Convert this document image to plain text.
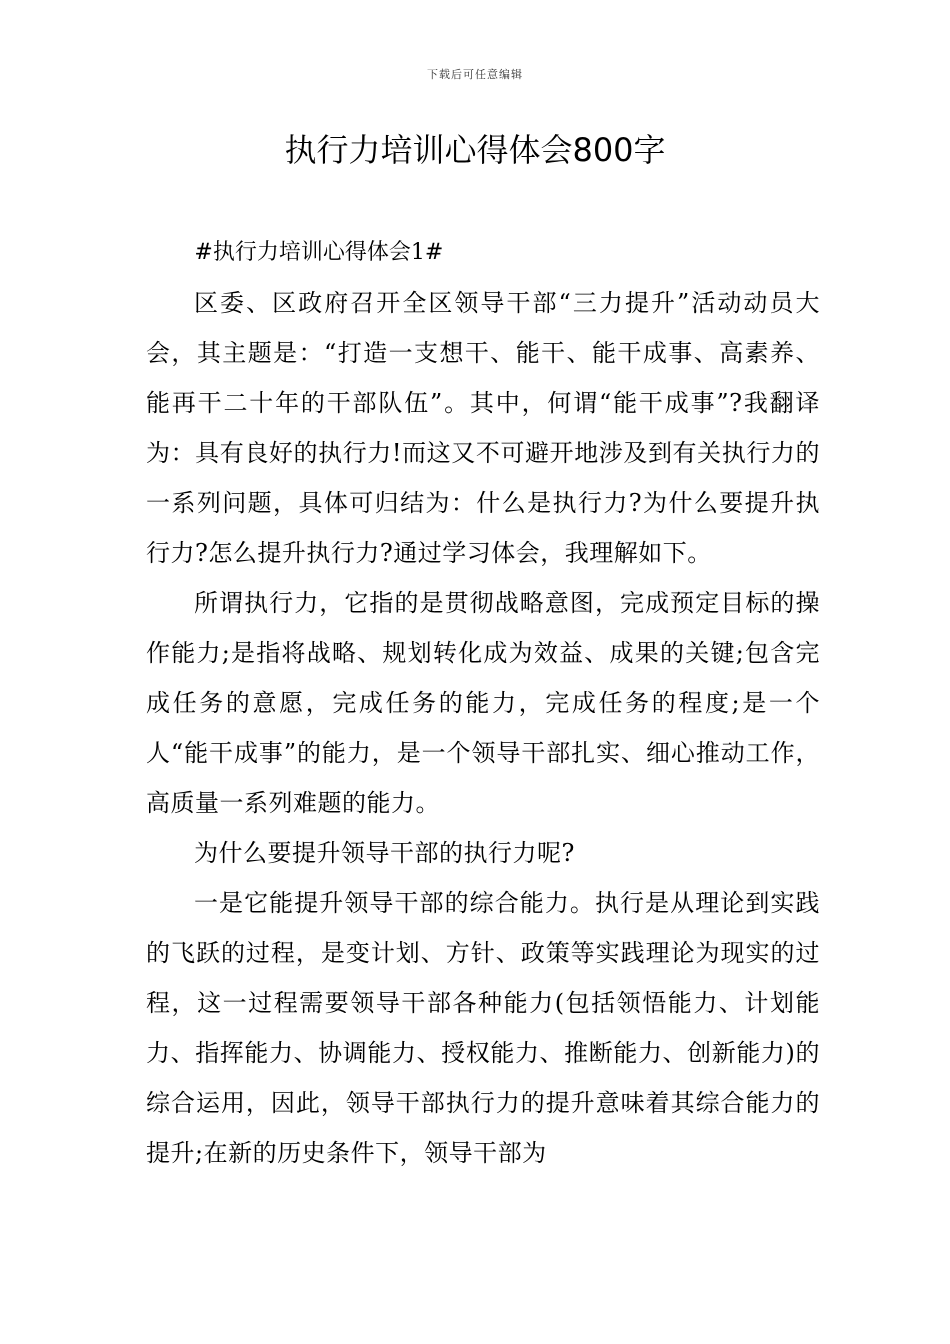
下载后可任意编辑
执行力培训心得体会800字

#执行力培训心得体会1#

区委、区政府召开全区领导干部“三力提升”活动动员大会，其主题是：“打造一支想干、能干、能干成事、高素养、能再干二十年的干部队伍”。其中，何谓“能干成事”?我翻译为：具有良好的执行力!而这又不可避开地涉及到有关执行力的一系列问题，具体可归结为：什么是执行力?为什么要提升执行力?怎么提升执行力?通过学习体会，我理解如下。

所谓执行力，它指的是贯彻战略意图，完成预定目标的操作能力;是指将战略、规划转化成为效益、成果的关键;包含完成任务的意愿，完成任务的能力，完成任务的程度;是一个人“能干成事”的能力，是一个领导干部扎实、细心推动工作，高质量一系列难题的能力。

为什么要提升领导干部的执行力呢?

一是它能提升领导干部的综合能力。执行是从理论到实践的飞跃的过程，是变计划、方针、政策等实践理论为现实的过程，这一过程需要领导干部各种能力(包括领悟能力、计划能力、指挥能力、协调能力、授权能力、推断能力、创新能力)的综合运用，因此，领导干部执行力的提升意味着其综合能力的提升;在新的历史条件下，领导干部为
